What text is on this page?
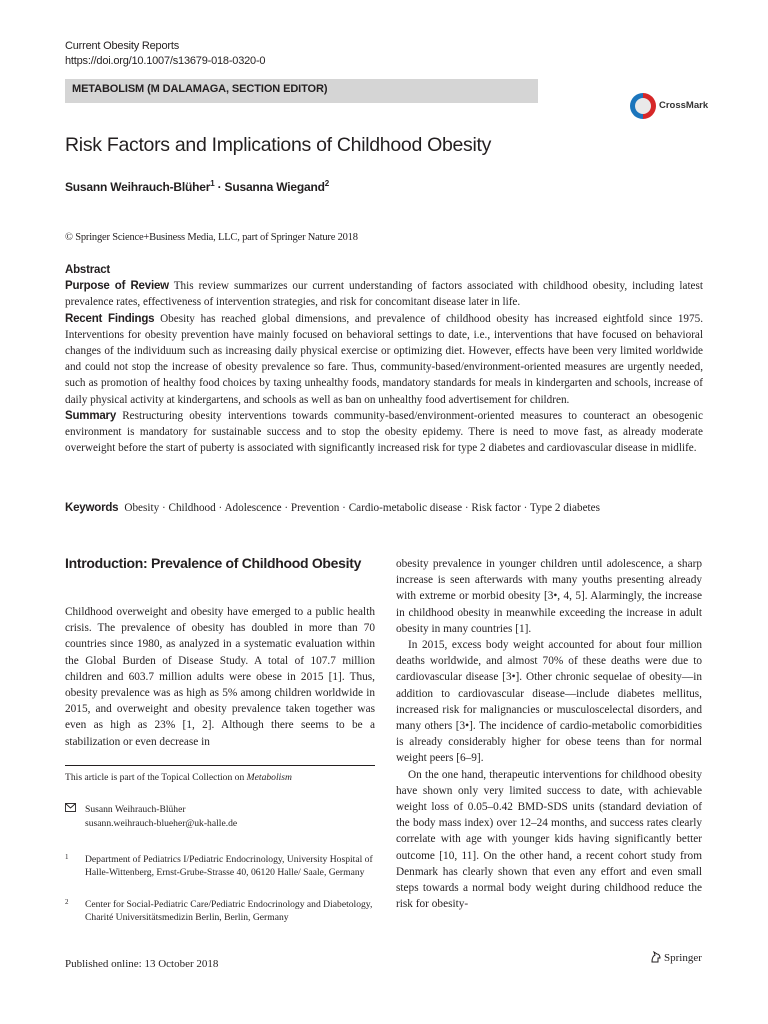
Current Obesity Reports
https://doi.org/10.1007/s13679-018-0320-0
METABOLISM (M DALAMAGA, SECTION EDITOR)
CrossMark
Risk Factors and Implications of Childhood Obesity
Susann Weihrauch-Blüher$^1$ · Susanna Wiegand$^2$
© Springer Science+Business Media, LLC, part of Springer Nature 2018
Abstract

Purpose of Review This review summarizes our current understanding of factors associated with childhood obesity, including latest prevalence rates, effectiveness of intervention strategies, and risk for concomitant disease later in life.

Recent Findings Obesity has reached global dimensions, and prevalence of childhood obesity has increased eightfold since 1975. Interventions for obesity prevention have mainly focused on behavioral settings to date, i.e., interventions that have focused on behavioral changes of the individuum such as increasing daily physical exercise or optimizing diet. However, effects have been very limited worldwide and could not stop the increase of obesity prevalence so fare. Thus, community-based/environment-oriented measures are urgently needed, such as promotion of healthy food choices by taxing unhealthy foods, mandatory standards for meals in kindergarten and schools, increase of daily physical activity at kindergartens, and schools as well as ban on unhealthy food advertisement for children.

Summary Restructuring obesity interventions towards community-based/environment-oriented measures to counteract an obesogenic environment is mandatory for sustainable success and to stop the obesity epidemy. There is need to move fast, as already moderate overweight before the start of puberty is associated with significantly increased risk for type 2 diabetes and cardiovascular disease in midlife.

Keywords Obesity · Childhood · Adolescence · Prevention · Cardio-metabolic disease · Risk factor · Type 2 diabetes
Introduction: Prevalence of Childhood Obesity

Childhood overweight and obesity have emerged to a public health crisis. The prevalence of obesity has doubled in more than 70 countries since 1980, as analyzed in a systematic evaluation within the Global Burden of Disease Study. A total of 107.7 million children and 603.7 million adults were obese in 2015 [1]. Thus, obesity prevalence was as high as 5% among children worldwide in 2015, and overweight and obesity prevalence taken together was even as high as 23% [1, 2]. Although there seems to be a stabilization or even decrease in

obesity prevalence in younger children until adolescence, a sharp increase is seen afterwards with many youths presenting already with extreme or morbid obesity [3•, 4, 5]. Alarmingly, the increase in childhood obesity in meanwhile exceeding the increase in adult obesity in many countries [1].

In 2015, excess body weight accounted for about four million deaths worldwide, and almost 70% of these deaths were due to cardiovascular disease [3•]. Other chronic sequelae of obesity—in addition to cardiovascular disease—include diabetes mellitus, increased risk for malignancies or musculoscelectal disorders, and many others [3•]. The incidence of cardio-metabolic comorbidities is already considerably higher for obese teens than for normal weight peers [6–9].

On the one hand, therapeutic interventions for childhood obesity have shown only very limited success to date, with achievable weight loss of 0.05–0.42 BMD-SDS units (standard deviation of the body mass index) over 12–24 months, and success rates clearly correlate with age with younger kids having significantly better outcome [10, 11]. On the other hand, a recent cohort study from Denmark has clearly shown that even any effort and even small steps towards a normal body weight during childhood reduce the risk for obesity-

This article is part of the Topical Collection on Metabolism
Susann Weihrauch-Blüher
susann.weihrauch-blueher@uk-halle.de
1 Department of Pediatrics I/Pediatric Endocrinology, University Hospital of Halle-Wittenberg, Ernst-Grube-Strasse 40, 06120 Halle/ Saale, Germany
2 Center for Social-Pediatric Care/Pediatric Endocrinology and Diabetology, Charité Universitätsmedizin Berlin, Berlin, Germany
Published online: 13 October 2018	Springer
